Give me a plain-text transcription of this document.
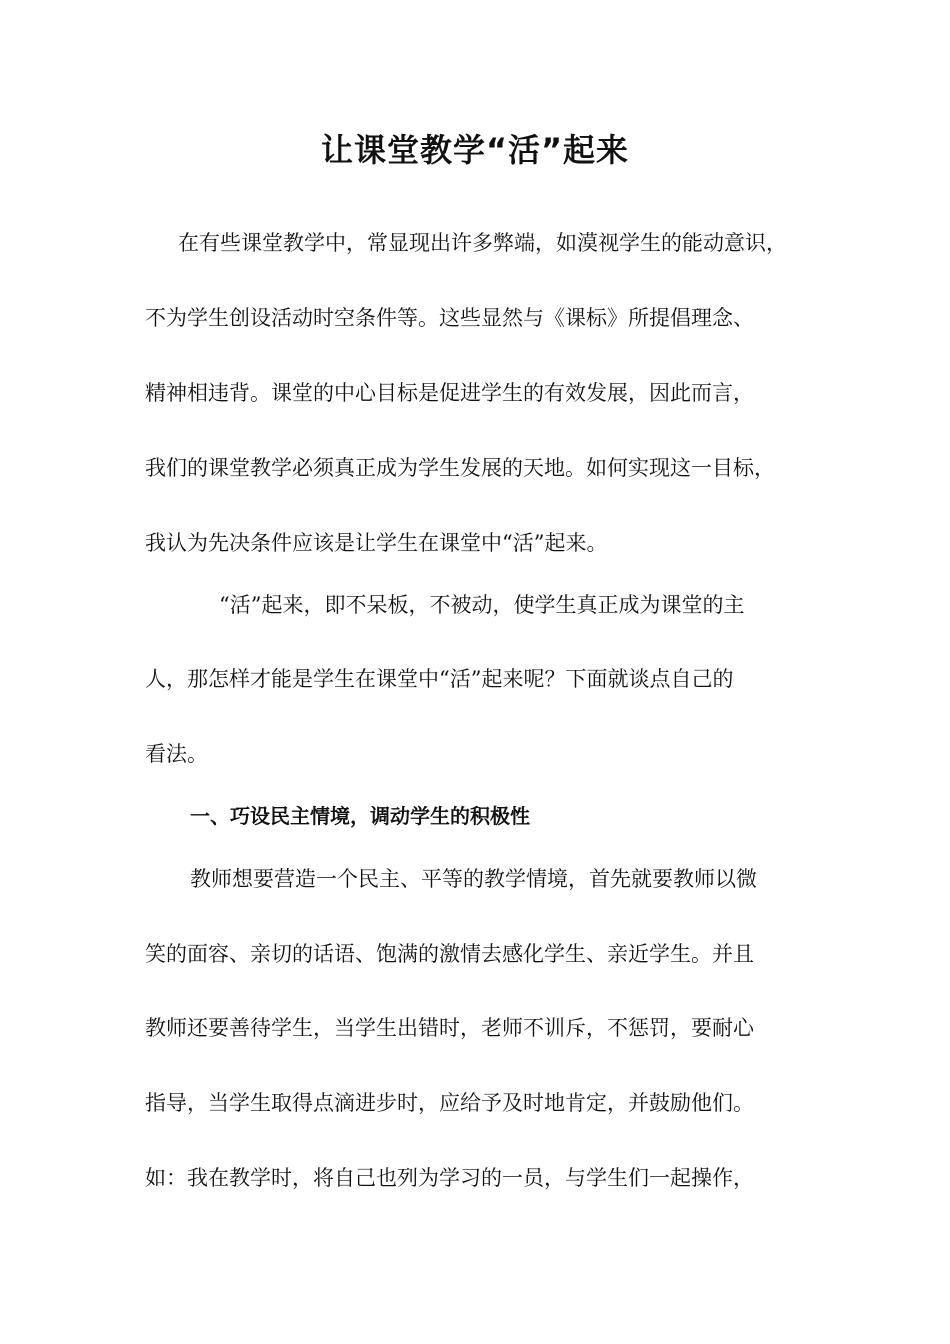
让课堂教学“活”起来

在有些课堂教学中，常显现出许多弊端，如漠视学生的能动意识，

不为学生创设活动时空条件等。这些显然与《课标》所提倡理念、

精神相违背。课堂的中心目标是促进学生的有效发展，因此而言，

我们的课堂教学必须真正成为学生发展的天地。如何实现这一目标，

我认为先决条件应该是让学生在课堂中“活”起来。

“活”起来，即不呆板，不被动，使学生真正成为课堂的主

人，那怎样才能是学生在课堂中“活”起来呢？下面就谈点自己的

看法。

一、巧设民主情境，调动学生的积极性

教师想要营造一个民主、平等的教学情境，首先就要教师以微

笑的面容、亲切的话语、饱满的激情去感化学生、亲近学生。并且

教师还要善待学生，当学生出错时，老师不训斥，不惩罚，要耐心

指导，当学生取得点滴进步时，应给予及时地肯定，并鼓励他们。

如：我在教学时，将自己也列为学习的一员，与学生们一起操作，
